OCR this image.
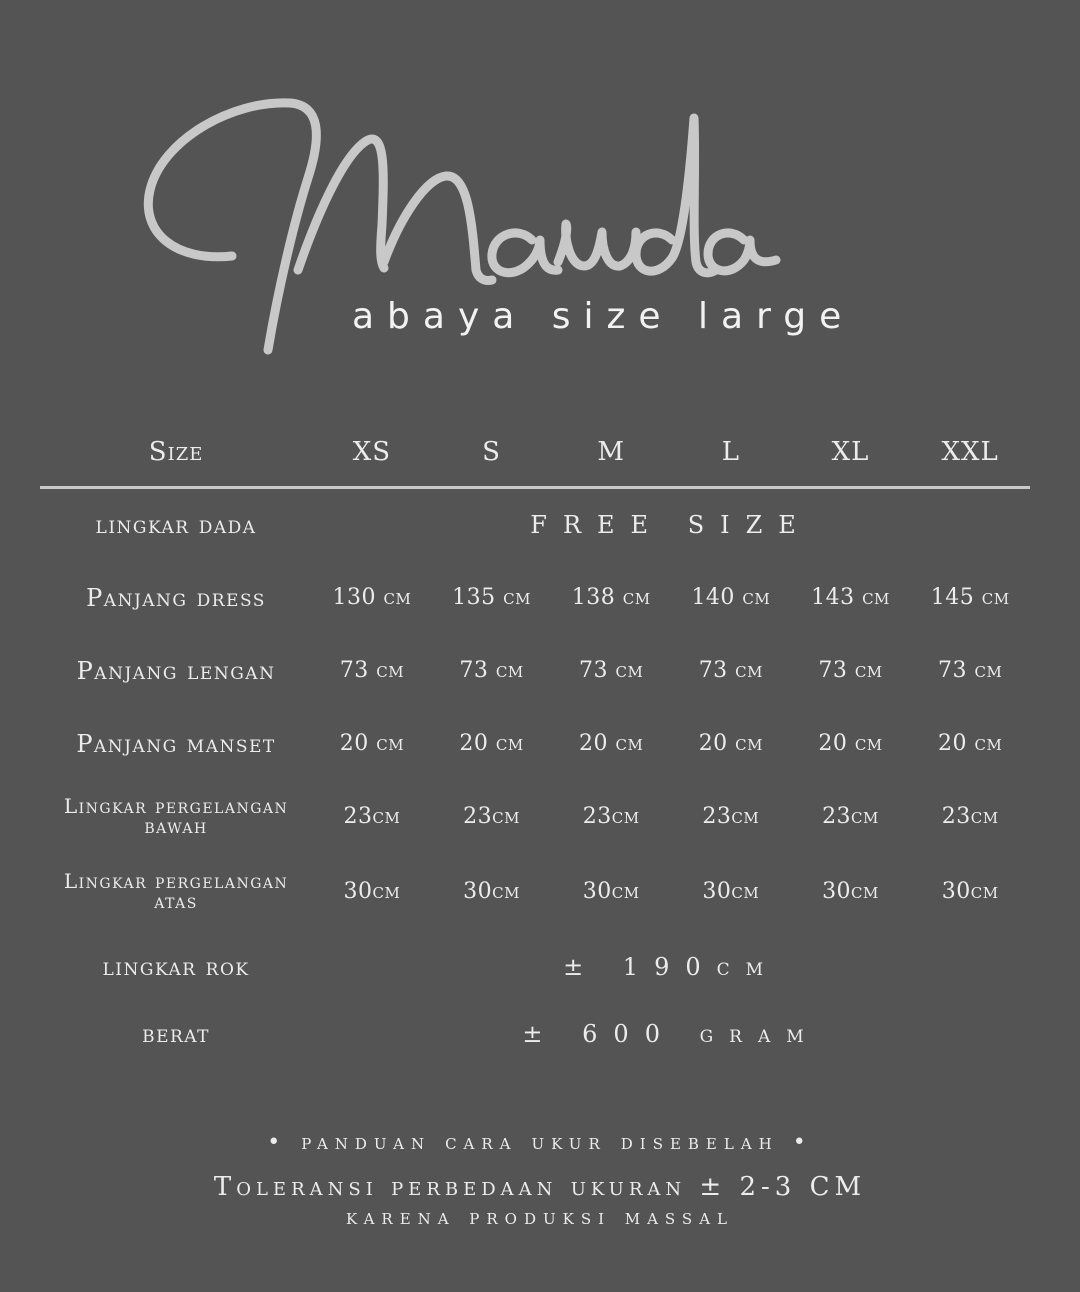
abaya size large
Size	XS	S	M	L	XL	XXL
lingkar dada	FREE SIZE					
Panjang dress	130 cm	135 cm	138 cm	140 cm	143 cm	145 cm
Panjang lengan	73 cm	73 cm	73 cm	73 cm	73 cm	73 cm
Panjang manset	20 cm	20 cm	20 cm	20 cm	20 cm	20 cm
Lingkar pergelangan
bawah	23cm	23cm	23cm	23cm	23cm	23cm
Lingkar pergelangan
atas	30cm	30cm	30cm	30cm	30cm	30cm
lingkar rok	± 190cm					
berat	± 600 gram					
• panduan cara ukur disebelah •
Toleransi perbedaan ukuran ± 2-3 CM
karena produksi massal
